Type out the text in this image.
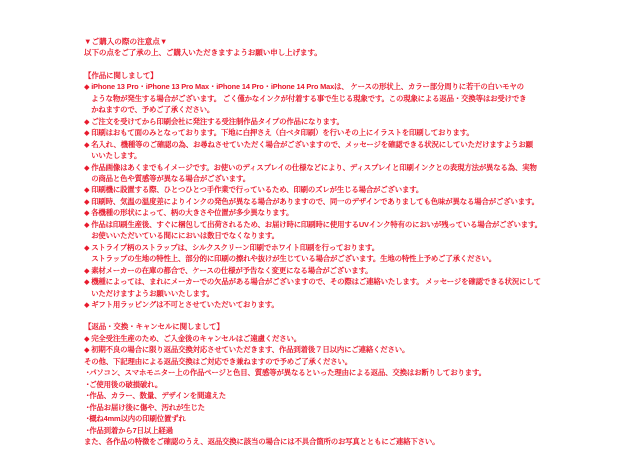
▼ご購入の際の注意点▼
以下の点をご了承の上、ご購入いただきますようお願い申し上げます。
【作品に関しまして】
◆ iPhone 13 Pro・iPhone 13 Pro Max・iPhone 14 Pro・iPhone 14 Pro Maxは、 ケースの形状上、カラー部分周りに若干の白いモヤの
ような物が発生する場合がございます。 ごく僅かなインクが付着する事で生じる現象です。この現象による返品・交換等はお受けでき
かねますので、予めご了承ください。
◆ ご注文を受けてから印刷会社に発注する受注制作品タイプの作品になります。
◆ 印刷はおもて面のみとなっております。下地に白押さえ（白ベタ印刷）を行いその上にイラストを印刷しております。
◆ 名入れ、機種等のご確認の為、お尋ねさせていただく場合がございますので、メッセージを確認できる状況にしていただけますようお願
いいたします。
◆ 作品画像はあくまでもイメージです。お使いのディスプレイの仕様などにより、ディスプレイと印刷インクとの表現方法が異なる為、実物
の商品と色や質感等が異なる場合がございます。
◆ 印刷機に設置する際、ひとつひとつ手作業で行っているため、印刷のズレが生じる場合がございます。
◆ 印刷時、気温の温度差によりインクの発色が異なる場合がありますので、同一のデザインでありましても色味が異なる場合がございます。
◆ 各機種の形状によって、柄の大きさや位置が多少異なります。
◆ 作品は印刷生産後、すぐに梱包して出荷されるため、お届け時に印刷時に使用するUVインク特有のにおいが残っている場合がございます。
お使いいただいている間ににおいは数日でなくなります。
◆ ストライプ柄のストラップは、シルクスクリーン印刷でホワイト印刷を行っております。
ストラップの生地の特性上、部分的に印刷の擦れや抜けが生じている場合がございます。生地の特性上予めご了承ください。
◆ 素材メーカーの在庫の都合で、ケースの仕様が予告なく変更になる場合がございます。
◆ 機種によっては、まれにメーカーでの欠品がある場合がございますので、その際はご連絡いたします。 メッセージを確認できる状況にして
いただけますようお願いいたします。
◆ ギフト用ラッピングは不可とさせていただいております。
【返品・交換・キャンセルに関しまして】
◆ 完全受注生産のため、ご入金後のキャンセルはご遠慮ください。
◆ 初期不良の場合に限り返品交換対応させていただきます、作品到着後７日以内にご連絡ください。
その他、下記理由による返品交換はご対応でき兼ねますので予めご了承ください。
・
パソコン、スマホモニター上の作品ページと色目、質感等が異なるといった理由による返品、交換はお断りしております。
・
ご使用後の破損破れ。
・
作品、カラー、数量、デザインを間違えた
・
作品お届け後に傷や、汚れが生じた
・
概ね4mm以内の印刷位置ずれ
・
作品到着から7日以上経過
また、各作品の特徴をご確認のうえ、返品交換に該当の場合には不具合箇所のお写真とともにご連絡下さい。
